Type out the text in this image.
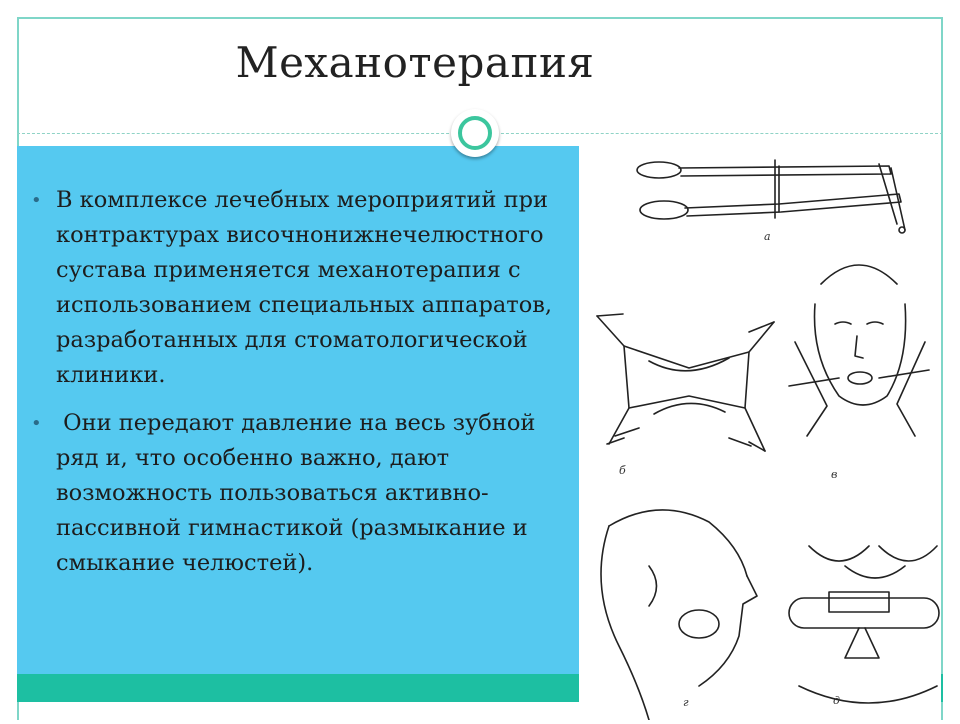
Механотерапия
а
б	в
г	д
• В комплексе лечебных мероприятий при контрактурах височнонижнечелюстного сустава применяется механотерапия с использованием специальных аппаратов, разработанных для стоматологической клиники.
• Они передают давление на весь зубной ряд и, что особенно важно, дают возможность пользоваться активно-пассивной гимнастикой (размыкание и смыкание челюстей).
